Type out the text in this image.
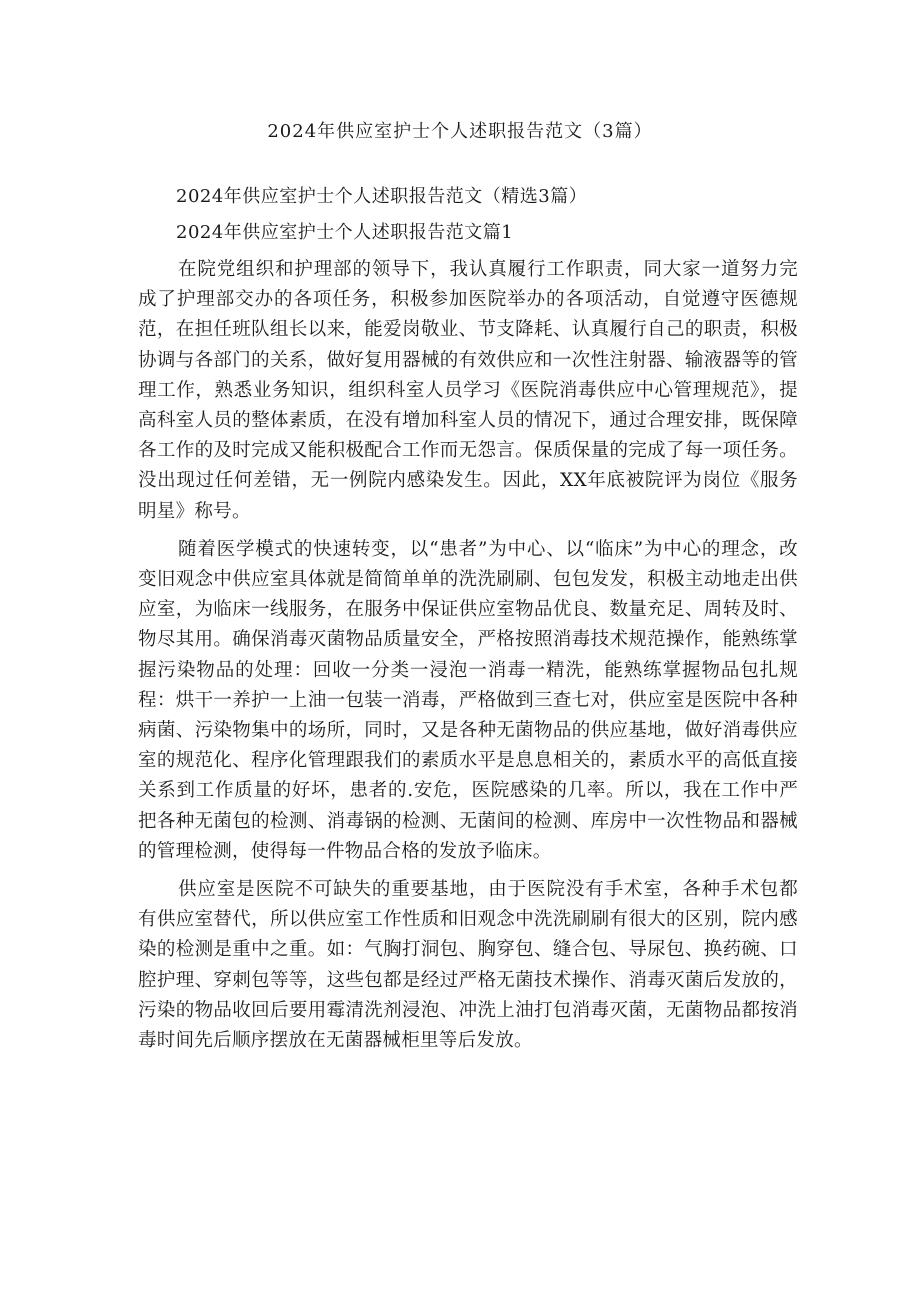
2024年供应室护士个人述职报告范文（3篇）

2024年供应室护士个人述职报告范文（精选3篇）

2024年供应室护士个人述职报告范文篇1

在院党组织和护理部的领导下，我认真履行工作职责，同大家一道努力完成了护理部交办的各项任务，积极参加医院举办的各项活动，自觉遵守医德规范，在担任班队组长以来，能爱岗敬业、节支降耗、认真履行自己的职责，积极协调与各部门的关系，做好复用器械的有效供应和一次性注射器、输液器等的管理工作，熟悉业务知识，组织科室人员学习《医院消毒供应中心管理规范》，提高科室人员的整体素质，在没有增加科室人员的情况下，通过合理安排，既保障各工作的及时完成又能积极配合工作而无怨言。保质保量的完成了每一项任务。没出现过任何差错，无一例院内感染发生。因此，XX年底被院评为岗位《服务明星》称号。

随着医学模式的快速转变，以“患者”为中心、以“临床”为中心的理念，改变旧观念中供应室具体就是简简单单的洗洗刷刷、包包发发，积极主动地走出供应室，为临床一线服务，在服务中保证供应室物品优良、数量充足、周转及时、物尽其用。确保消毒灭菌物品质量安全，严格按照消毒技术规范操作，能熟练掌握污染物品的处理：回收一分类一浸泡一消毒一精洗，能熟练掌握物品包扎规程：烘干一养护一上油一包装一消毒，严格做到三查七对，供应室是医院中各种病菌、污染物集中的场所，同时，又是各种无菌物品的供应基地，做好消毒供应室的规范化、程序化管理跟我们的素质水平是息息相关的，素质水平的高低直接关系到工作质量的好坏，患者的.安危，医院感染的几率。所以，我在工作中严把各种无菌包的检测、消毒锅的检测、无菌间的检测、库房中一次性物品和器械的管理检测，使得每一件物品合格的发放予临床。

供应室是医院不可缺失的重要基地，由于医院没有手术室，各种手术包都有供应室替代，所以供应室工作性质和旧观念中洗洗刷刷有很大的区别，院内感染的检测是重中之重。如：气胸打洞包、胸穿包、缝合包、导尿包、换药碗、口腔护理、穿刺包等等，这些包都是经过严格无菌技术操作、消毒灭菌后发放的，污染的物品收回后要用霉清洗剂浸泡、冲洗上油打包消毒灭菌，无菌物品都按消毒时间先后顺序摆放在无菌器械柜里等后发放。
